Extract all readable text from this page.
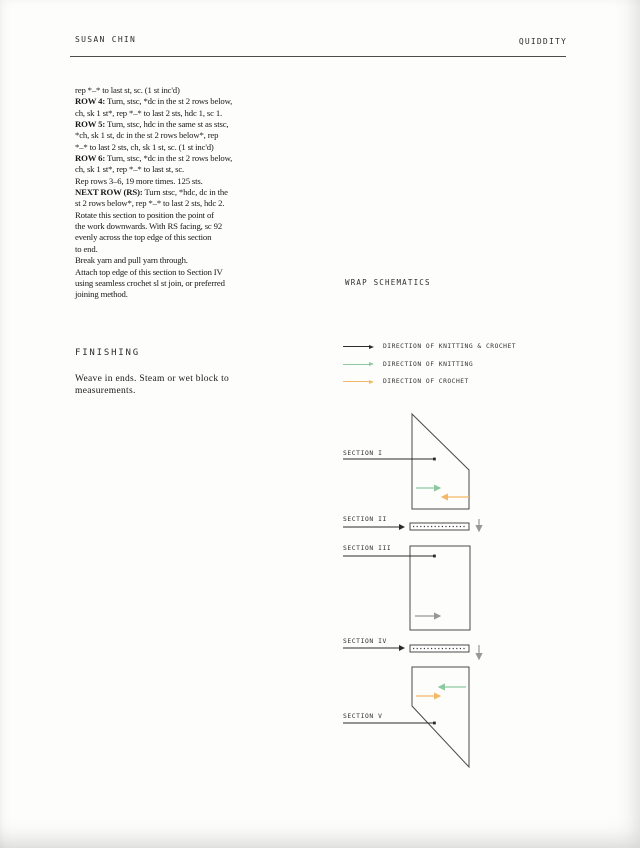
SUSAN CHIN	QUIDDITY
rep *–* to last st, sc. (1 st inc'd)
ROW 4: Turn, stsc, *dc in the st 2 rows below,
ch, sk 1 st*, rep *–* to last 2 sts, hdc 1, sc 1.
ROW 5: Turn, stsc, hdc in the same st as stsc,
*ch, sk 1 st, dc in the st 2 rows below*, rep
*–* to last 2 sts, ch, sk 1 st, sc. (1 st inc'd)
ROW 6: Turn, stsc, *dc in the st 2 rows below,
ch, sk 1 st*, rep *–* to last st, sc.
Rep rows 3–6, 19 more times. 125 sts.
NEXT ROW (RS): Turn stsc, *hdc, dc in the
st 2 rows below*, rep *–* to last 2 sts, hdc 2.
Rotate this section to position the point of
the work downwards. With RS facing, sc 92
evenly across the top edge of this section
to end.
Break yarn and pull yarn through.
Attach top edge of this section to Section IV
using seamless crochet sl st join, or preferred
joining method.
FINISHING
Weave in ends. Steam or wet block to
measurements.
WRAP SCHEMATICS
DIRECTION OF KNITTING & CROCHET
DIRECTION OF KNITTING
DIRECTION OF CROCHET
SECTION I
SECTION II
SECTION III
SECTION IV
SECTION V
